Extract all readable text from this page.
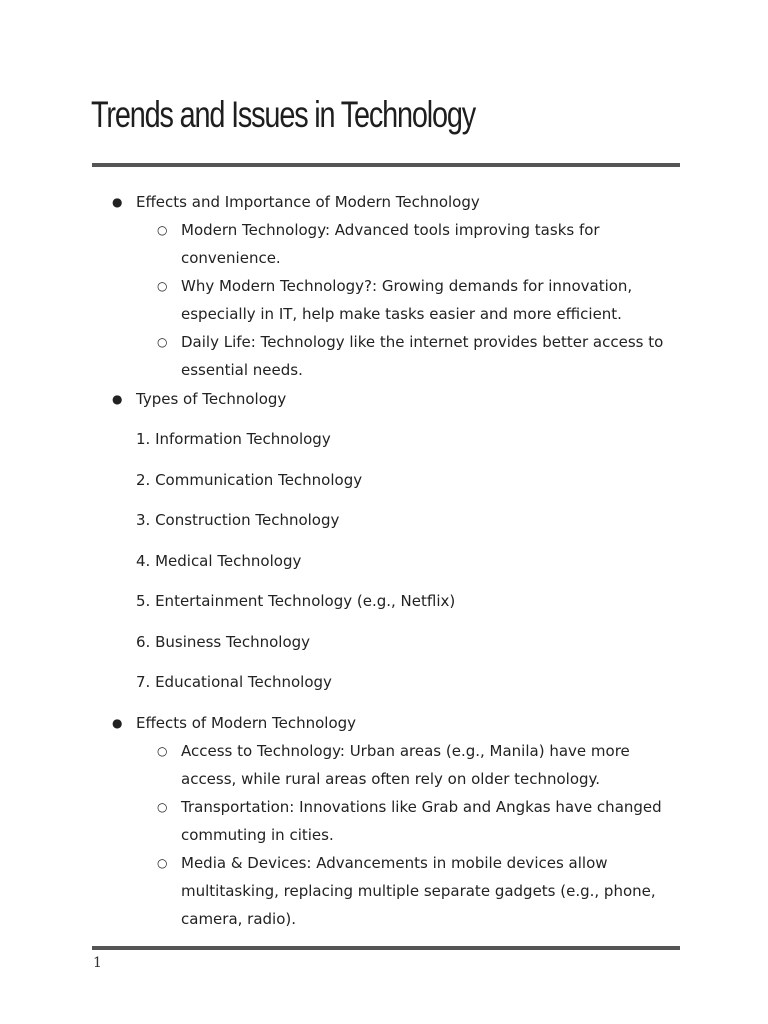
Trends and Issues in Technology
● Effects and Importance of Modern Technology
○ Modern Technology: Advanced tools improving tasks for convenience.
○ Why Modern Technology?: Growing demands for innovation, especially in IT, help make tasks easier and more efficient.
○ Daily Life: Technology like the internet provides better access to essential needs.
● Types of Technology
1. Information Technology
2. Communication Technology
3. Construction Technology
4. Medical Technology
5. Entertainment Technology (e.g., Netflix)
6. Business Technology
7. Educational Technology
● Effects of Modern Technology
○ Access to Technology: Urban areas (e.g., Manila) have more access, while rural areas often rely on older technology.
○ Transportation: Innovations like Grab and Angkas have changed commuting in cities.
○ Media & Devices: Advancements in mobile devices allow multitasking, replacing multiple separate gadgets (e.g., phone, camera, radio).
1
